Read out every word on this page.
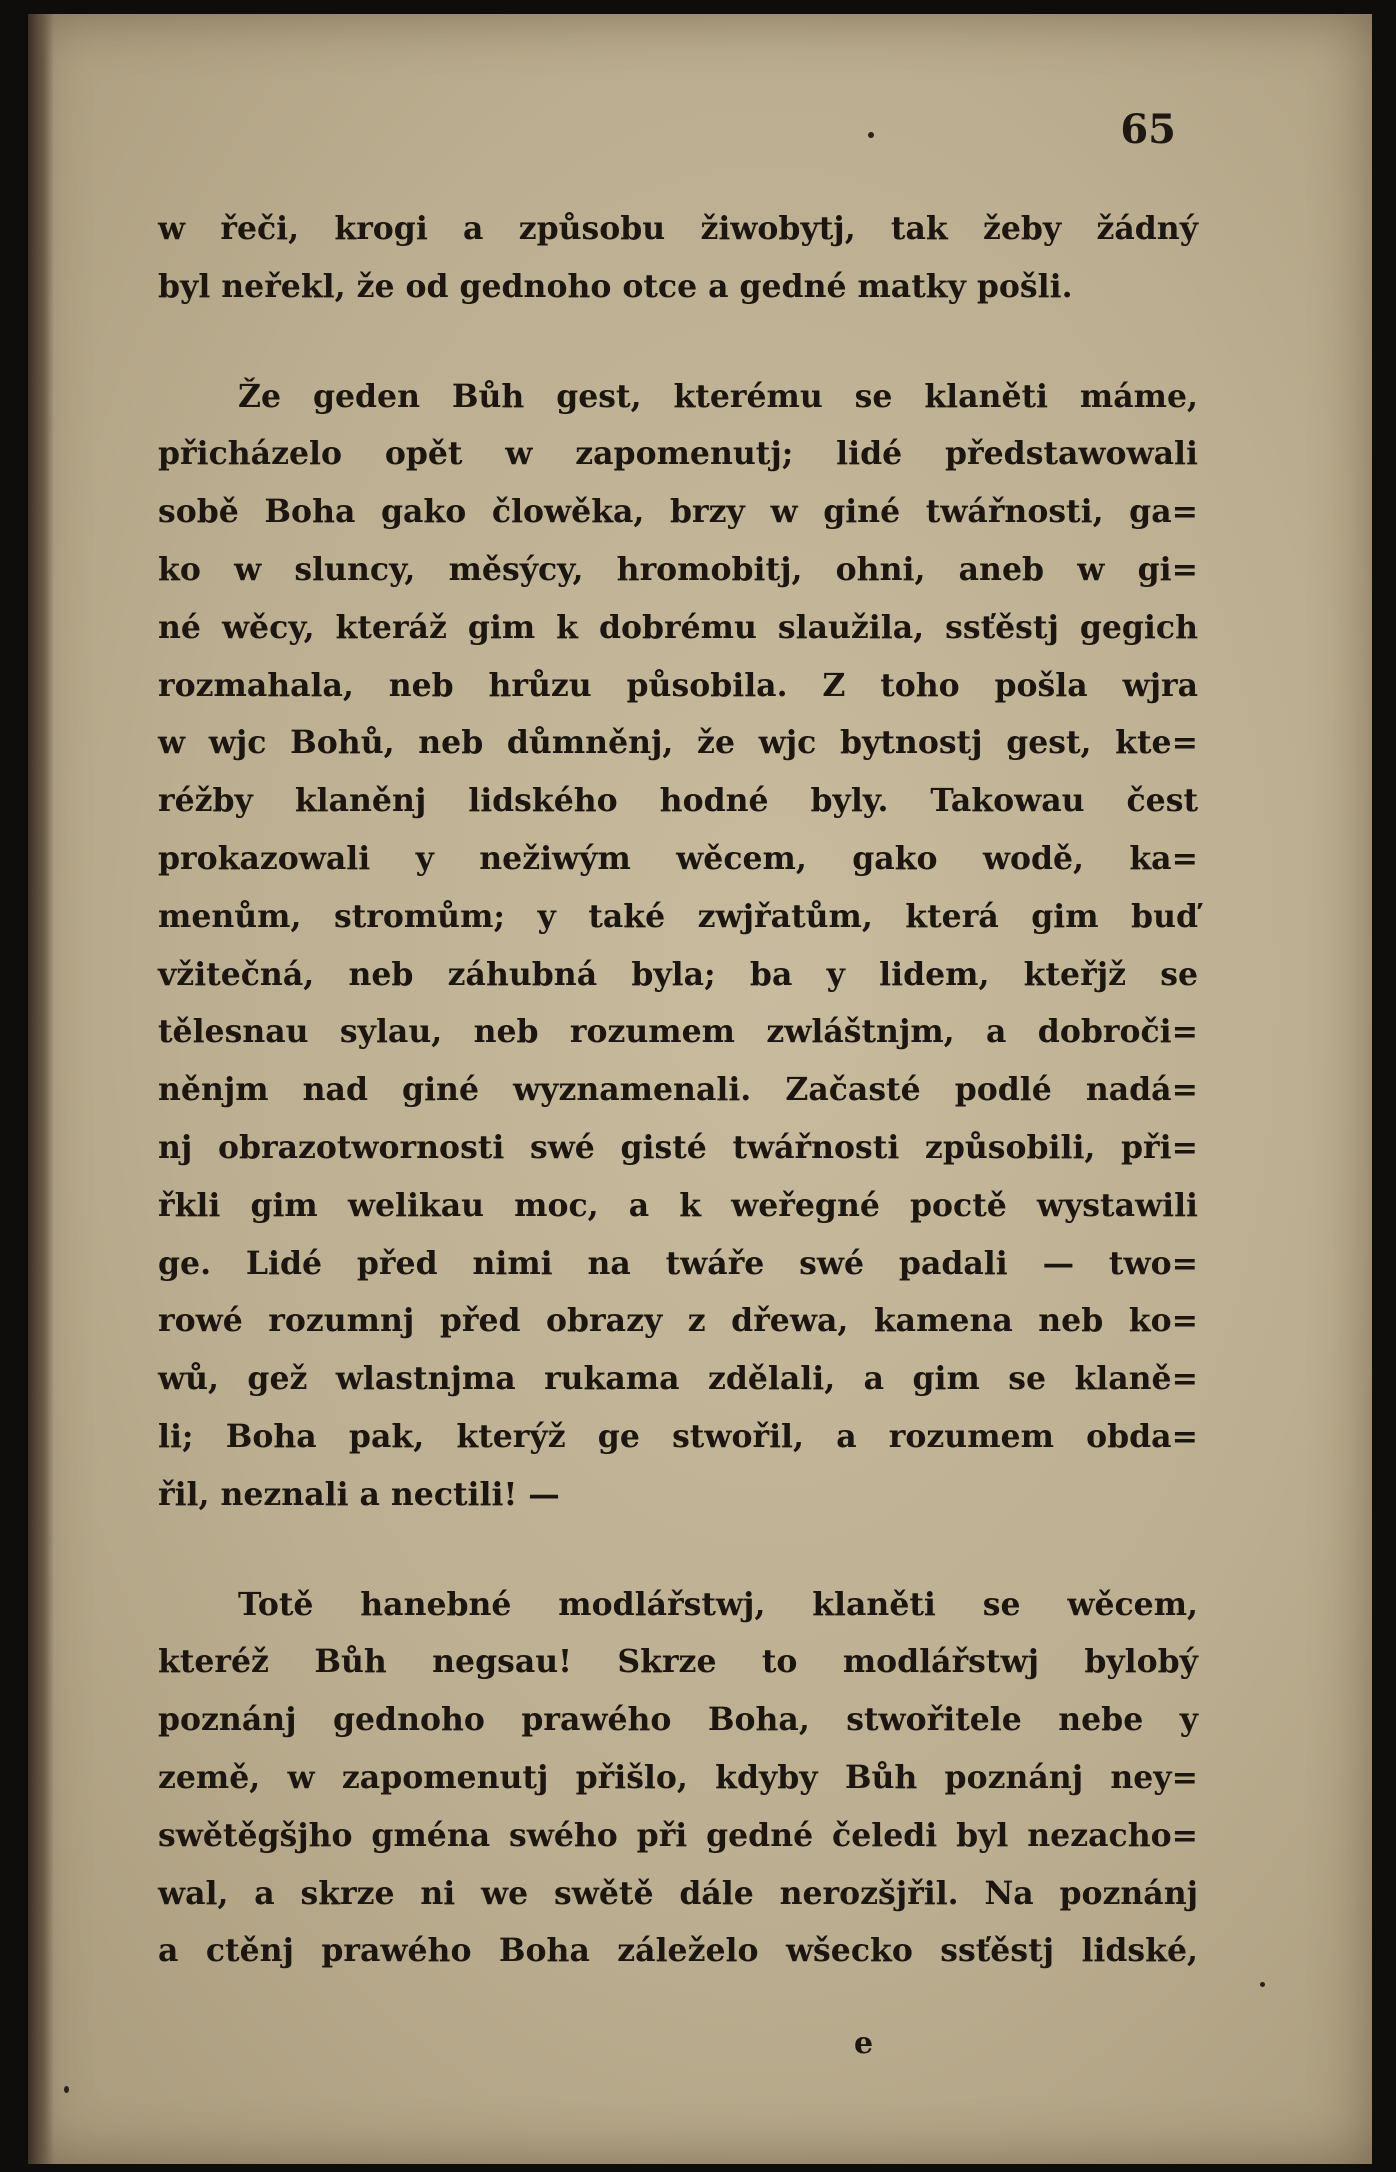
65
w řeči, krogi a způsobu žiwobytj, tak žeby žádný
byl neřekl, že od gednoho otce a gedné matky pošli.
Že geden Bůh gest, kterému se klaněti máme,
přicházelo opět w zapomenutj; lidé předstawowali
sobě Boha gako člowěka, brzy w giné twářnosti, ga=
ko w sluncy, měsýcy, hromobitj, ohni, aneb w gi=
né wěcy, kteráž gim k dobrému slaužila, ssťěstj gegich
rozmahala, neb hrůzu působila. Z toho pošla wjra
w wjc Bohů, neb důmněnj, že wjc bytnostj gest, kte=
réžby klaněnj lidského hodné byly. Takowau čest
prokazowali y nežiwým wěcem, gako wodě, ka=
menům, stromům; y také zwjřatům, která gim buď
vžitečná, neb záhubná byla; ba y lidem, kteřjž se
tělesnau sylau, neb rozumem zwláštnjm, a dobroči=
něnjm nad giné wyznamenali. Začasté podlé nadá=
nj obrazotwornosti swé gisté twářnosti způsobili, při=
řkli gim welikau moc, a k weřegné poctě wystawili
ge. Lidé před nimi na twáře swé padali — two=
rowé rozumnj před obrazy z dřewa, kamena neb ko=
wů, gež wlastnjma rukama zdělali, a gim se klaně=
li; Boha pak, kterýž ge stwořil, a rozumem obda=
řil, neznali a nectili! —
Totě hanebné modlářstwj, klaněti se wěcem,
kteréž Bůh negsau! Skrze to modlářstwj bylobý
poznánj gednoho prawého Boha, stwořitele nebe y
země, w zapomenutj přišlo, kdyby Bůh poznánj ney=
swětěgšjho gména swého při gedné čeledi byl nezacho=
wal, a skrze ni we swětě dále nerozšjřil. Na poznánj
a ctěnj prawého Boha záleželo wšecko ssťěstj lidské,
e
